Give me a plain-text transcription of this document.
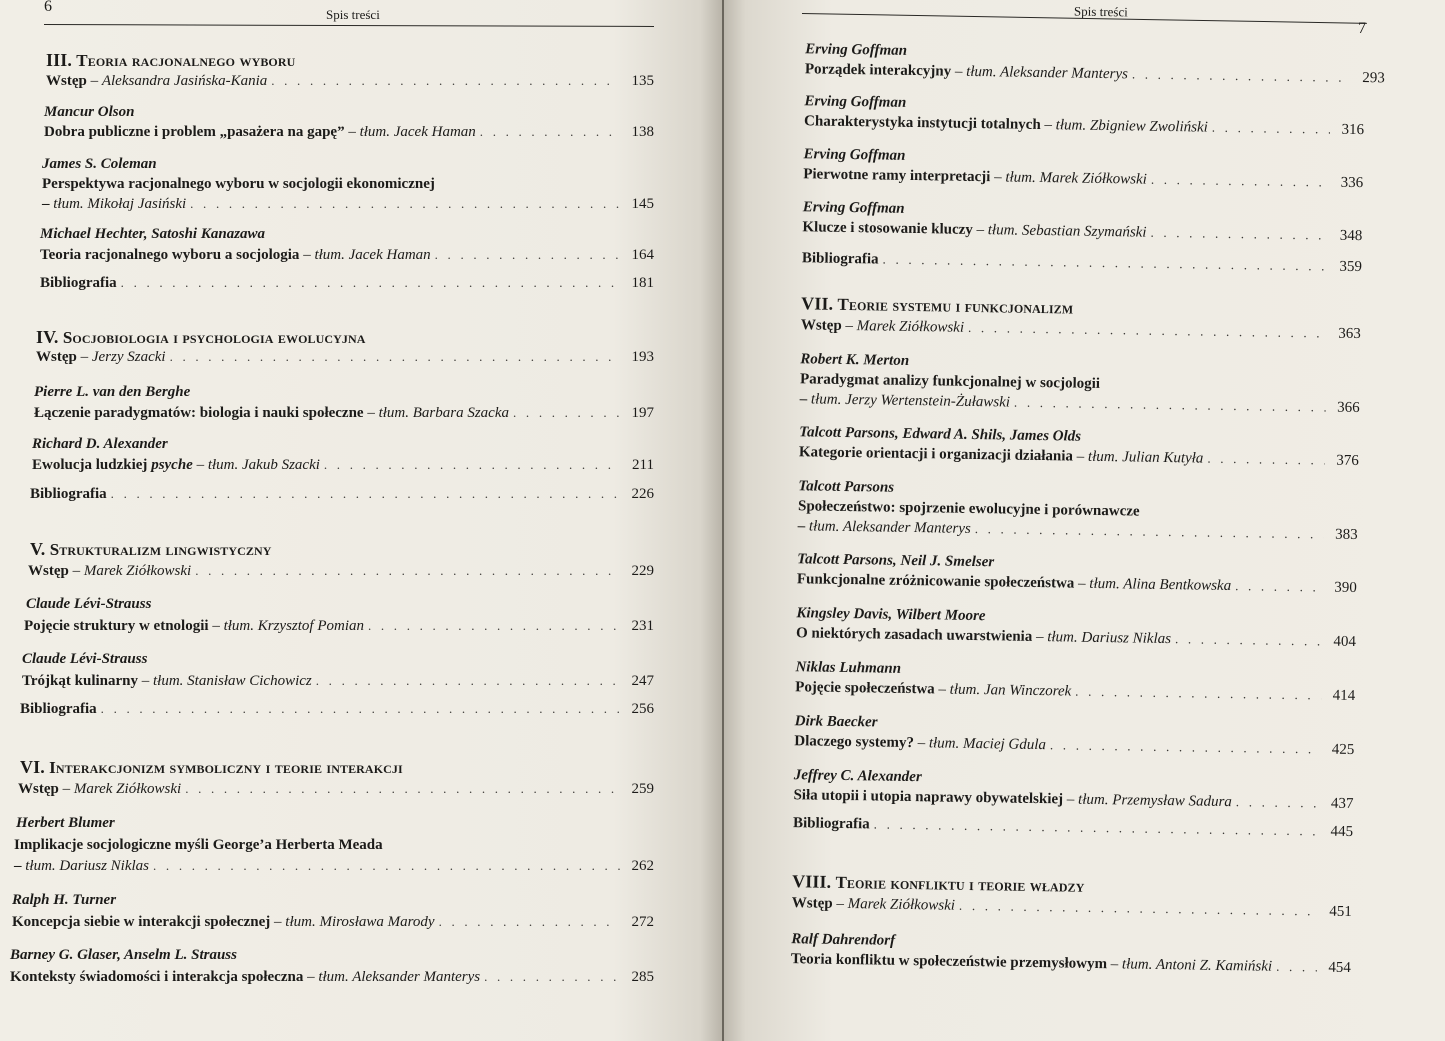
6	Spis treści
III. Teoria racjonalnego wyboru
Wstęp – Aleksandra Jasińska-Kania . . .	135
Mancur Olson
Dobra publiczne i problem „pasażera na gapę” – tłum. Jacek Haman . . .	138
James S. Coleman
Perspektywa racjonalnego wyboru w socjologii ekonomicznej
– tłum. Mikołaj Jasiński . . .	145
Michael Hechter, Satoshi Kanazawa
Teoria racjonalnego wyboru a socjologia – tłum. Jacek Haman . . .	164
Bibliografia . . .	181
IV. Socjobiologia i psychologia ewolucyjna
Wstęp – Jerzy Szacki . . .	193
Pierre L. van den Berghe
Łączenie paradygmatów: biologia i nauki społeczne – tłum. Barbara Szacka . . .	197
Richard D. Alexander
Ewolucja ludzkiej
psyche – tłum. Jakub Szacki . . .	211
Bibliografia . . .	226
V. Strukturalizm lingwistyczny
Wstęp – Marek Ziółkowski . . .	229
Claude Lévi-Strauss
Pojęcie struktury w etnologii – tłum. Krzysztof Pomian . . .	231
Claude Lévi-Strauss
Trójkąt kulinarny – tłum. Stanisław Cichowicz . . .	247
Bibliografia . . .	256
VI. Interakcjonizm symboliczny i teorie interakcji
Wstęp – Marek Ziółkowski . . .	259
Herbert Blumer
Implikacje socjologiczne myśli George’a Herberta Meada
– tłum. Dariusz Niklas . . .	262
Ralph H. Turner
Koncepcja siebie w interakcji społecznej – tłum. Mirosława Marody . . .	272
Barney G. Glaser, Anselm L. Strauss
Konteksty świadomości i interakcja społeczna – tłum. Aleksander Manterys . . .	285
Spis treści
7
Erving Goffman
Porządek interakcyjny – tłum. Aleksander Manterys . . .	293
Erving Goffman
Charakterystyka instytucji totalnych – tłum. Zbigniew Zwoliński . . .	316
Erving Goffman
Pierwotne ramy interpretacji – tłum. Marek Ziółkowski . . .	336
Erving Goffman
Klucze i stosowanie kluczy – tłum. Sebastian Szymański . . .	348
Bibliografia . . .	359
VII. Teorie systemu i funkcjonalizm
Wstęp – Marek Ziółkowski . . .	363
Robert K. Merton
Paradygmat analizy funkcjonalnej w socjologii
– tłum. Jerzy Wertenstein-Żuławski . . .	366
Talcott Parsons, Edward A. Shils, James Olds
Kategorie orientacji i organizacji działania – tłum. Julian Kutyła . . .	376
Talcott Parsons
Społeczeństwo: spojrzenie ewolucyjne i porównawcze
– tłum. Aleksander Manterys . . .	383
Talcott Parsons, Neil J. Smelser
Funkcjonalne zróżnicowanie społeczeństwa – tłum. Alina Bentkowska . . .	390
Kingsley Davis, Wilbert Moore
O niektórych zasadach uwarstwienia – tłum. Dariusz Niklas . . .	404
Niklas Luhmann
Pojęcie społeczeństwa – tłum. Jan Winczorek . . .	414
Dirk Baecker
Dlaczego systemy? – tłum. Maciej Gdula . . .	425
Jeffrey C. Alexander
Siła utopii i utopia naprawy obywatelskiej – tłum. Przemysław Sadura . . .	437
Bibliografia . . .	445
VIII. Teorie konfliktu i teorie władzy
Wstęp – Marek Ziółkowski . . .	451
Ralf Dahrendorf
Teoria konfliktu w społeczeństwie przemysłowym – tłum. Antoni Z. Kamiński . . .	454
